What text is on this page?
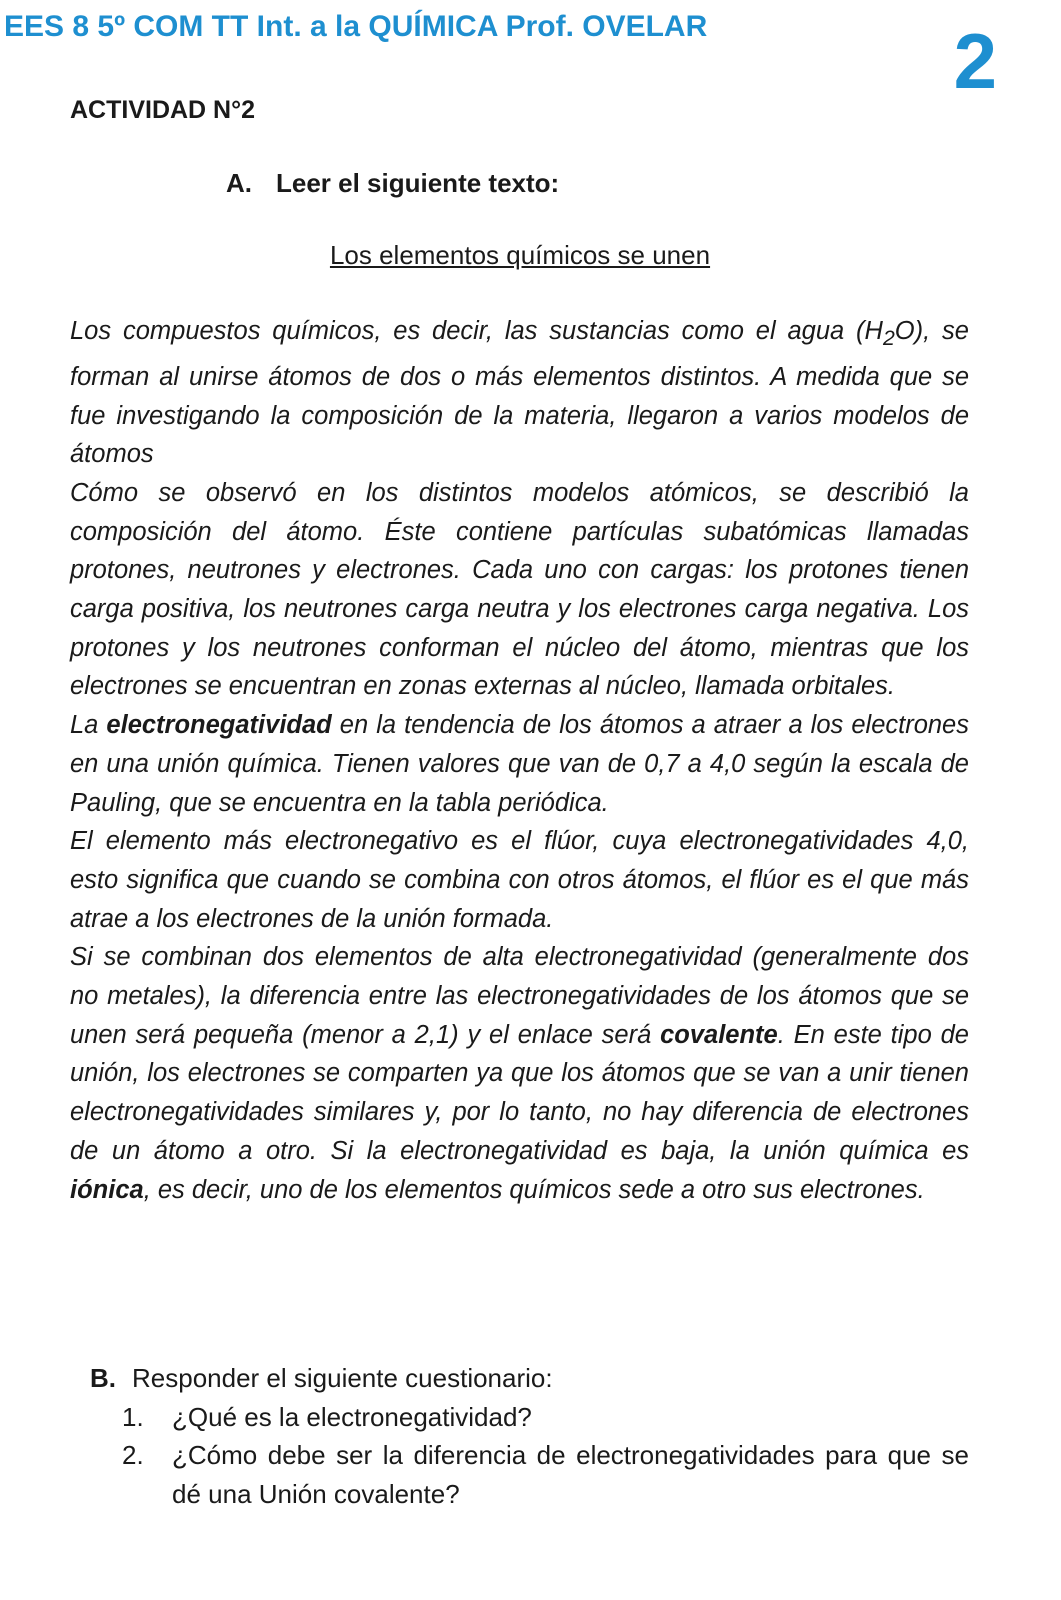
EES 8 5º COM TT Int. a la QUÍMICA Prof. OVELAR	2
ACTIVIDAD N°2
A. Leer el siguiente texto:
Los elementos químicos se unen

Los compuestos químicos, es decir, las sustancias como el agua $(H_2O)$, se forman al unirse átomos de dos o más elementos distintos. A medida que se fue investigando la composición de la materia, llegaron a varios modelos de átomos

Cómo se observó en los distintos modelos atómicos, se describió la composición del átomo. Éste contiene partículas subatómicas llamadas protones, neutrones y electrones. Cada uno con cargas: los protones tienen carga positiva, los neutrones carga neutra y los electrones carga negativa. Los protones y los neutrones conforman el núcleo del átomo, mientras que los electrones se encuentran en zonas externas al núcleo, llamada orbitales.

La electronegatividad en la tendencia de los átomos a atraer a los electrones en una unión química. Tienen valores que van de 0,7 a 4,0 según la escala de Pauling, que se encuentra en la tabla periódica.

El elemento más electronegativo es el flúor, cuya electronegatividades 4,0, esto significa que cuando se combina con otros átomos, el flúor es el que más atrae a los electrones de la unión formada.

Si se combinan dos elementos de alta electronegatividad (generalmente dos no metales), la diferencia entre las electronegatividades de los átomos que se unen será pequeña (menor a 2,1) y el enlace será covalente. En este tipo de unión, los electrones se comparten ya que los átomos que se van a unir tienen electronegatividades similares y, por lo tanto, no hay diferencia de electrones de un átomo a otro. Si la electronegatividad es baja, la unión química es iónica, es decir, uno de los elementos químicos sede a otro sus electrones.

B. Responder el siguiente cuestionario:
1.	¿Qué es la electronegatividad?
2.	¿Cómo debe ser la diferencia de electronegatividades para que se dé una Unión covalente?
